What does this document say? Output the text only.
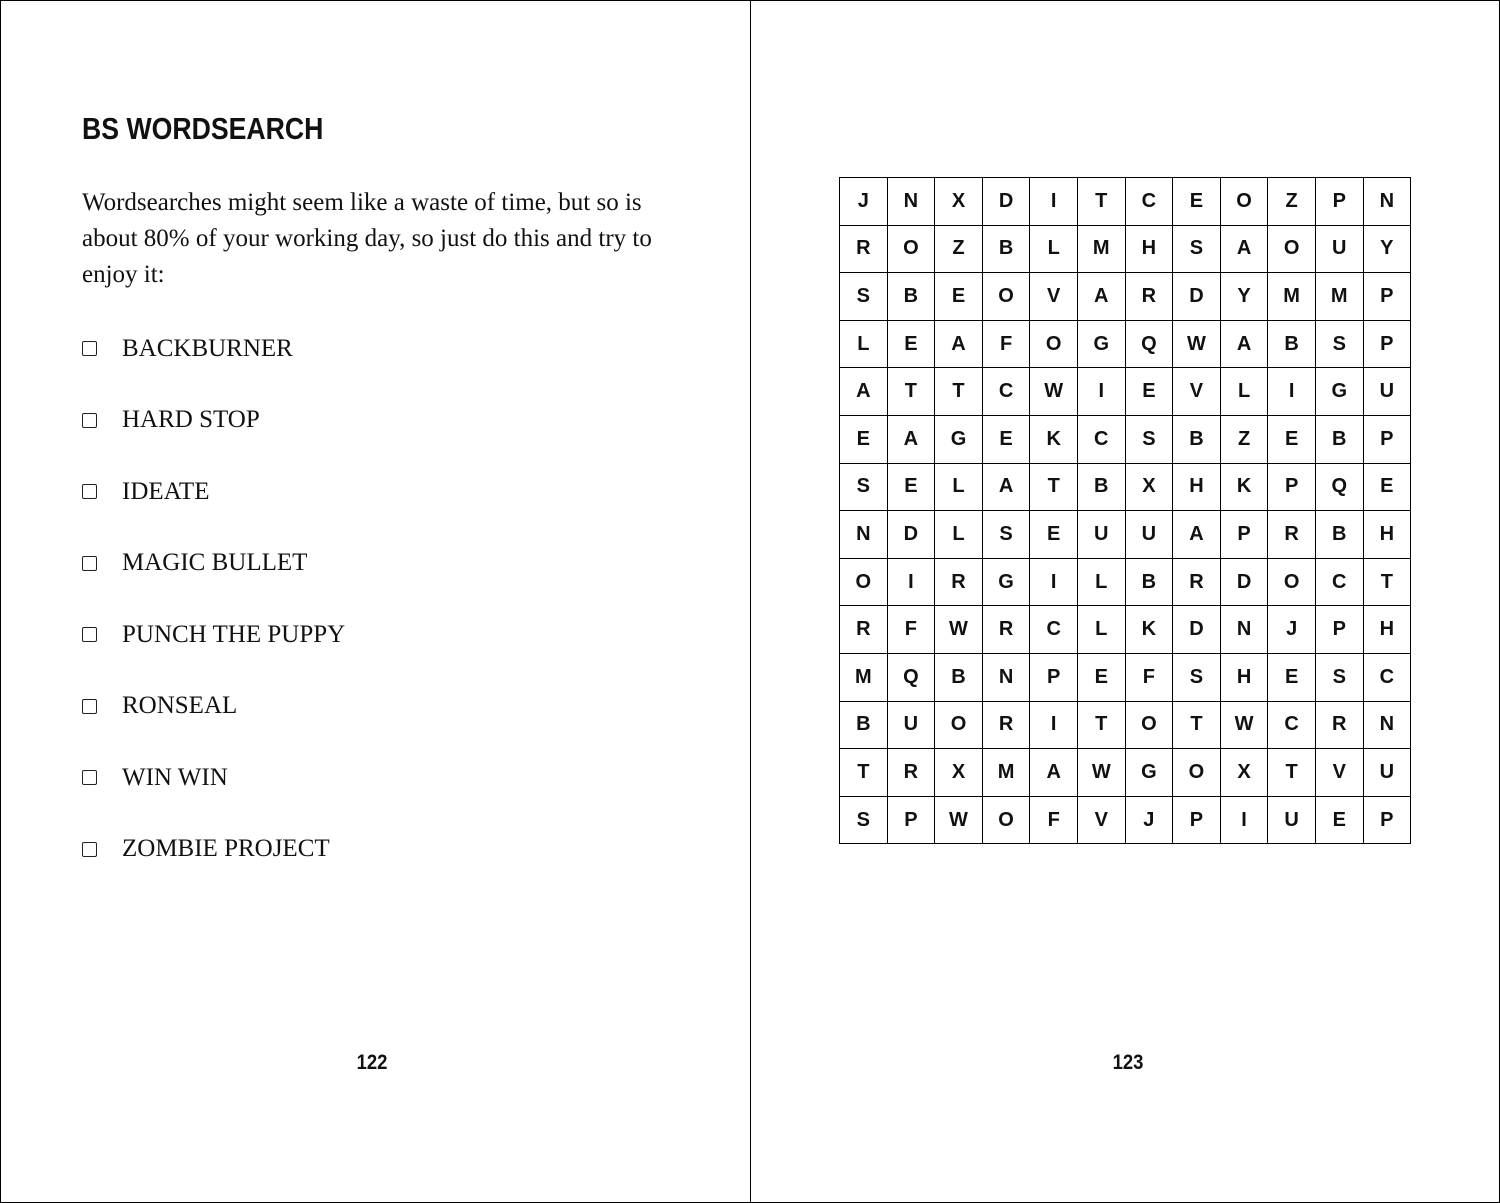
BS WORDSEARCH

Wordsearches might seem like a waste of time, but so is about 80% of your working day, so just do this and try to enjoy it:

BACKBURNER
HARD STOP
IDEATE
MAGIC BULLET
PUNCH THE PUPPY
RONSEAL
WIN WIN
ZOMBIE PROJECT
122
J	N	X	D	I	T	C	E	O	Z	P	N
R	O	Z	B	L	M	H	S	A	O	U	Y
S	B	E	O	V	A	R	D	Y	M	M	P
L	E	A	F	O	G	Q	W	A	B	S	P
A	T	T	C	W	I	E	V	L	I	G	U
E	A	G	E	K	C	S	B	Z	E	B	P
S	E	L	A	T	B	X	H	K	P	Q	E
N	D	L	S	E	U	U	A	P	R	B	H
O	I	R	G	I	L	B	R	D	O	C	T
R	F	W	R	C	L	K	D	N	J	P	H
M	Q	B	N	P	E	F	S	H	E	S	C
B	U	O	R	I	T	O	T	W	C	R	N
T	R	X	M	A	W	G	O	X	T	V	U
S	P	W	O	F	V	J	P	I	U	E	P
123
